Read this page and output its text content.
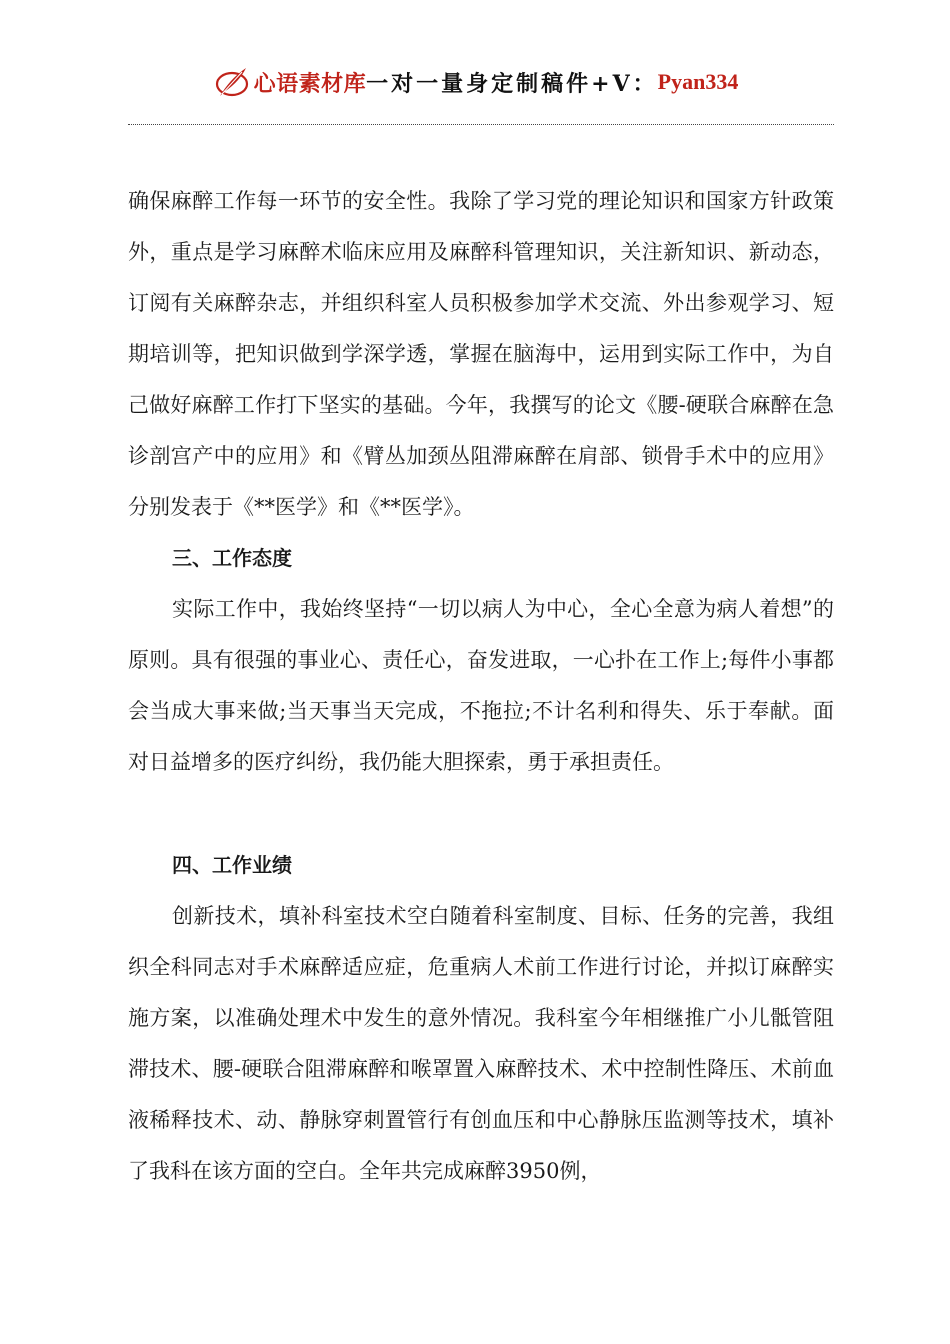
心语素材库 一对一量身定制稿件+V： Pyan334

确保麻醉工作每一环节的安全性。我除了学习党的理论知识和国家方针政策外，重点是学习麻醉术临床应用及麻醉科管理知识，关注新知识、新动态，订阅有关麻醉杂志，并组织科室人员积极参加学术交流、外出参观学习、短期培训等，把知识做到学深学透，掌握在脑海中，运用到实际工作中，为自己做好麻醉工作打下坚实的基础。今年，我撰写的论文《腰-硬联合麻醉在急诊剖宫产中的应用》和《臂丛加颈丛阻滞麻醉在肩部、锁骨手术中的应用》分别发表于《**医学》和《**医学》。

三、工作态度

实际工作中，我始终坚持“一切以病人为中心，全心全意为病人着想”的原则。具有很强的事业心、责任心，奋发进取，一心扑在工作上;每件小事都会当成大事来做;当天事当天完成，不拖拉;不计名利和得失、乐于奉献。面对日益增多的医疗纠纷，我仍能大胆探索，勇于承担责任。

四、工作业绩

创新技术，填补科室技术空白随着科室制度、目标、任务的完善，我组织全科同志对手术麻醉适应症，危重病人术前工作进行讨论，并拟订麻醉实施方案，以准确处理术中发生的意外情况。我科室今年相继推广小儿骶管阻滞技术、腰-硬联合阻滞麻醉和喉罩置入麻醉技术、术中控制性降压、术前血液稀释技术、动、静脉穿刺置管行有创血压和中心静脉压监测等技术，填补了我科在该方面的空白。全年共完成麻醉3950例，
